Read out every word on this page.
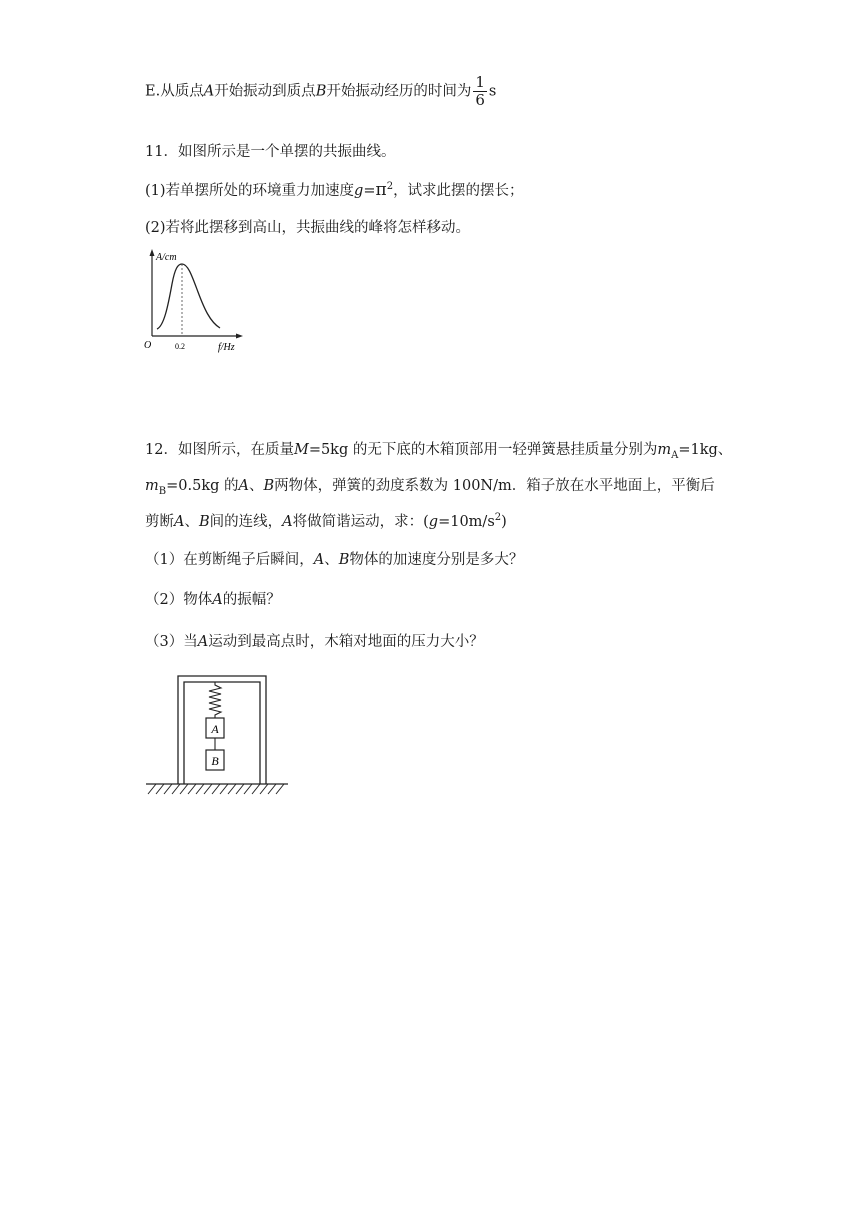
E.从质点A开始振动到质点B开始振动经历的时间为 $\frac{1}{6}$ s
11．如图所示是一个单摆的共振曲线。
(1)若单摆所处的环境重力加速度$g=\pi^2$，试求此摆的摆长；
(2)若将此摆移到高山，共振曲线的峰将怎样移动。
A/cm
f/Hz
O	0.2
12．如图所示，在质量M=5kg 的无下底的木箱顶部用一轻弹簧悬挂质量分别为$m_A=1kg$、
$m_B=0.5kg$ 的A、B两物体，弹簧的劲度系数为 100N/m．箱子放在水平地面上，平衡后
剪断A、B间的连线，A将做简谐运动，求：$(g=10m/s^2)$
（1）在剪断绳子后瞬间，A、B物体的加速度分别是多大？
（2）物体A的振幅？
（3）当A运动到最高点时，木箱对地面的压力大小？
A
B
